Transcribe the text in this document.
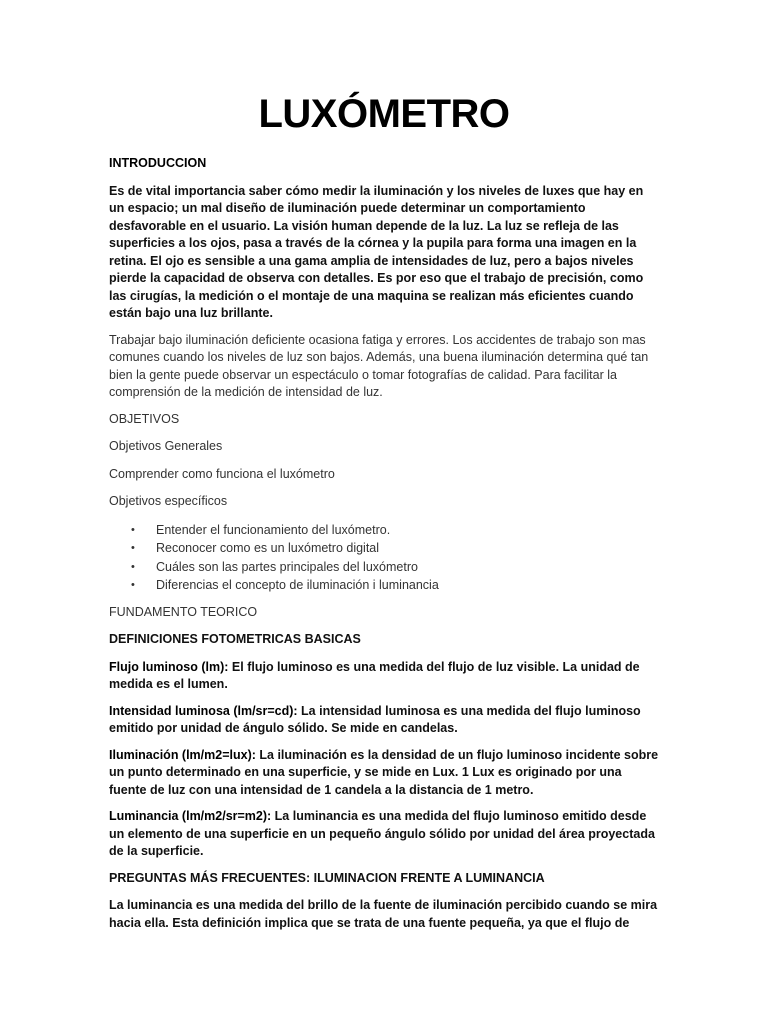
LUXÓMETRO

INTRODUCCION

Es de vital importancia saber cómo medir la iluminación y los niveles de luxes que hay en un espacio; un mal diseño de iluminación puede determinar un comportamiento desfavorable en el usuario. La visión human depende de la luz. La luz se refleja de las superficies a los ojos, pasa a través de la córnea y la pupila para forma una imagen en la retina. El ojo es sensible a una gama amplia de intensidades de luz, pero a bajos niveles pierde la capacidad de observa con detalles. Es por eso que el trabajo de precisión, como las cirugías, la medición o el montaje de una maquina se realizan más eficientes cuando están bajo una luz brillante.

Trabajar bajo iluminación deficiente ocasiona fatiga y errores. Los accidentes de trabajo son mas comunes cuando los niveles de luz son bajos. Además, una buena iluminación determina qué tan bien la gente puede observar un espectáculo o tomar fotografías de calidad. Para facilitar la comprensión de la medición de intensidad de luz.

OBJETIVOS

Objetivos Generales

Comprender como funciona el luxómetro

Objetivos específicos

• Entender el funcionamiento del luxómetro.
• Reconocer como es un luxómetro digital
• Cuáles son las partes principales del luxómetro
• Diferencias el concepto de iluminación i luminancia

FUNDAMENTO TEORICO

DEFINICIONES FOTOMETRICAS BASICAS

Flujo luminoso (lm): El flujo luminoso es una medida del flujo de luz visible. La unidad de medida es el lumen.

Intensidad luminosa (lm/sr=cd): La intensidad luminosa es una medida del flujo luminoso emitido por unidad de ángulo sólido. Se mide en candelas.

Iluminación (lm/m2=lux): La iluminación es la densidad de un flujo luminoso incidente sobre un punto determinado en una superficie, y se mide en Lux. 1 Lux es originado por una fuente de luz con una intensidad de 1 candela a la distancia de 1 metro.

Luminancia (lm/m2/sr=m2): La luminancia es una medida del flujo luminoso emitido desde un elemento de una superficie en un pequeño ángulo sólido por unidad del área proyectada de la superficie.

PREGUNTAS MÁS FRECUENTES: ILUMINACION FRENTE A LUMINANCIA

La luminancia es una medida del brillo de la fuente de iluminación percibido cuando se mira hacia ella. Esta definición implica que se trata de una fuente pequeña, ya que el flujo de
